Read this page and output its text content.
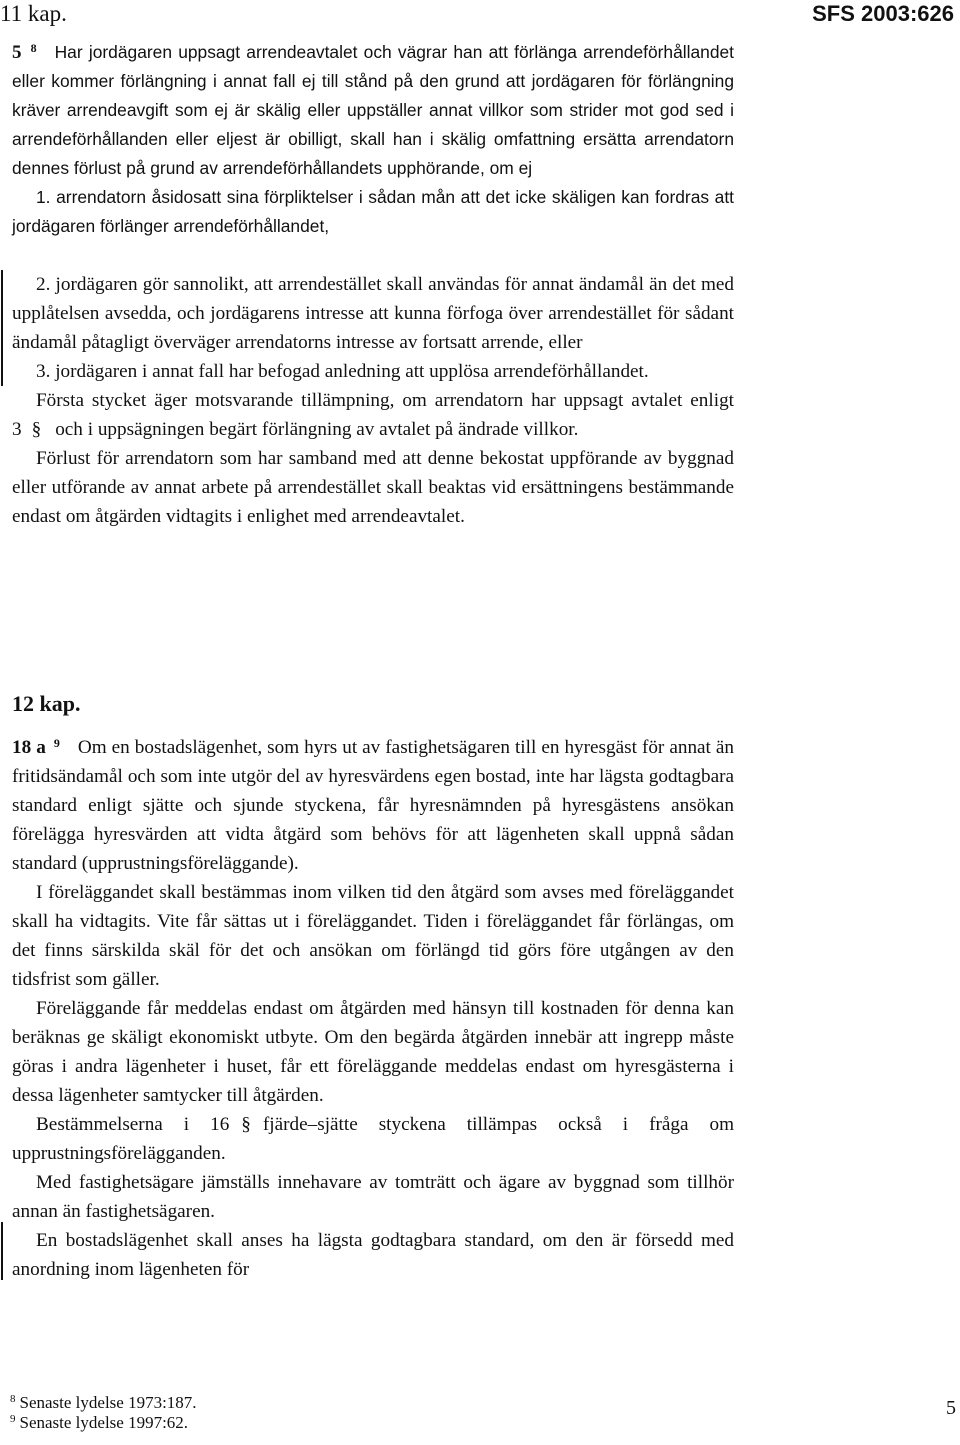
11 kap.	SFS 2003:626

5 $^8$ Har jordägaren uppsagt arrendeavtalet och vägrar han att förlänga arrendeförhållandet eller kommer förlängning i annat fall ej till stånd på den grund att jordägaren för förlängning kräver arrendeavgift som ej är skälig eller uppställer annat villkor som strider mot god sed i arrendeförhållanden eller eljest är obilligt, skall han i skälig omfattning ersätta arrendatorn dennes förlust på grund av arrendeförhållandets upphörande, om ej

1. arrendatorn åsidosatt sina förpliktelser i sådan mån att det icke skäligen kan fordras att jordägaren förlänger arrendeförhållandet,

2. jordägaren gör sannolikt, att arrendestället skall användas för annat ändamål än det med upplåtelsen avsedda, och jordägarens intresse att kunna förfoga över arrendestället för sådant ändamål påtagligt överväger arrendatorns intresse av fortsatt arrende, eller

3. jordägaren i annat fall har befogad anledning att upplösa arrendeförhållandet.

Första stycket äger motsvarande tillämpning, om arrendatorn har uppsagt avtalet enligt 3 § och i uppsägningen begärt förlängning av avtalet på ändrade villkor.

Förlust för arrendatorn som har samband med att denne bekostat uppförande av byggnad eller utförande av annat arbete på arrendestället skall beaktas vid ersättningens bestämmande endast om åtgärden vidtagits i enlighet med arrendeavtalet.

12 kap.

18 a $^9$ Om en bostadslägenhet, som hyrs ut av fastighetsägaren till en hyresgäst för annat än fritidsändamål och som inte utgör del av hyresvärdens egen bostad, inte har lägsta godtagbara standard enligt sjätte och sjunde styckena, får hyresnämnden på hyresgästens ansökan förelägga hyresvärden att vidta åtgärd som behövs för att lägenheten skall uppnå sådan standard (upprustningsföreläggande).

I föreläggandet skall bestämmas inom vilken tid den åtgärd som avses med föreläggandet skall ha vidtagits. Vite får sättas ut i föreläggandet. Tiden i föreläggandet får förlängas, om det finns särskilda skäl för det och ansökan om förlängd tid görs före utgången av den tidsfrist som gäller.

Föreläggande får meddelas endast om åtgärden med hänsyn till kostnaden för denna kan beräknas ge skäligt ekonomiskt utbyte. Om den begärda åtgärden innebär att ingrepp måste göras i andra lägenheter i huset, får ett föreläggande meddelas endast om hyresgästerna i dessa lägenheter samtycker till åtgärden.

Bestämmelserna i 16 § fjärde–sjätte styckena tillämpas också i fråga om upprustningsförelägganden.

Med fastighetsägare jämställs innehavare av tomträtt och ägare av byggnad som tillhör annan än fastighetsägaren.

En bostadslägenhet skall anses ha lägsta godtagbara standard, om den är försedd med anordning inom lägenheten för

$^8$ Senaste lydelse 1973:187.

$^9$ Senaste lydelse 1997:62.

5
